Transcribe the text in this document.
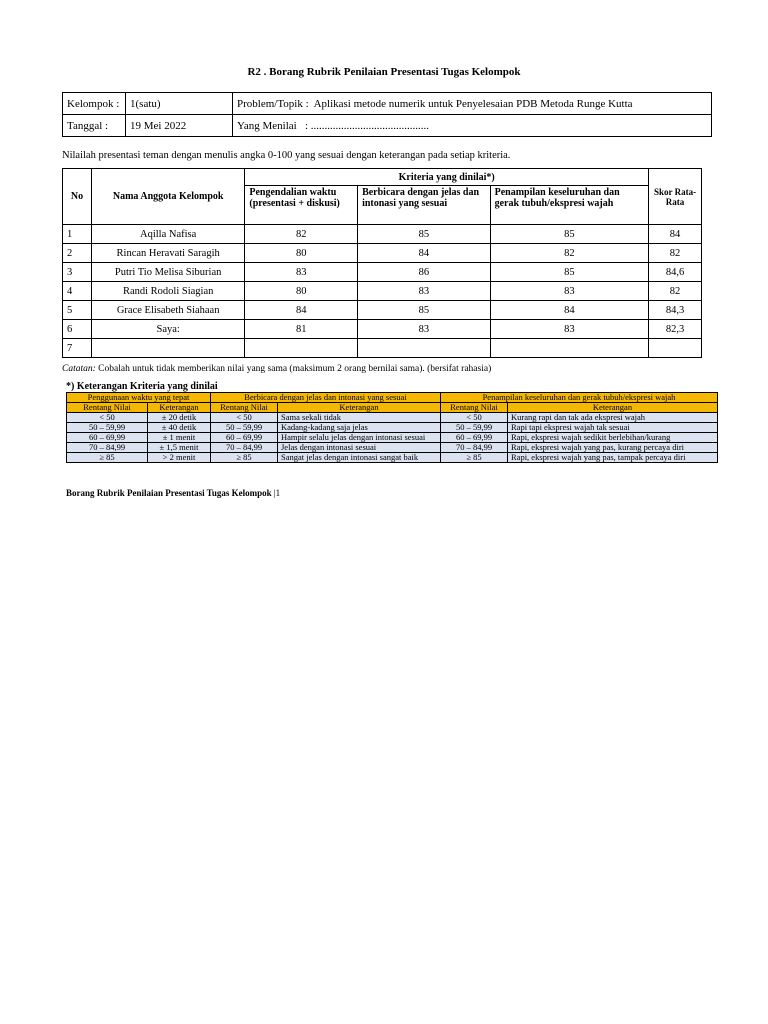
R2 . Borang Rubrik Penilaian Presentasi Tugas Kelompok
Kelompok :	1(satu)	Problem/Topik : Aplikasi metode numerik untuk Penyelesaian PDB Metoda Runge Kutta
Tanggal :	19 Mei 2022	Yang Menilai : ...........................................
Nilailah presentasi teman dengan menulis angka 0-100 yang sesuai dengan keterangan pada setiap kriteria.
No	Nama Anggota Kelompok	Kriteria yang dinilai*)			Skor Rata-Rata
		Pengendalian waktu (presentasi + diskusi)	Berbicara dengan jelas dan intonasi yang sesuai	Penampilan keseluruhan dan gerak tubuh/ekspresi wajah	
1	Aqilla Nafisa	82	85	85	84
2	Rincan Heravati Saragih	80	84	82	82
3	Putri Tio Melisa Siburian	83	86	85	84,6
4	Randi Rodoli Siagian	80	83	83	82
5	Grace Elisabeth Siahaan	84	85	84	84,3
6	Saya:	81	83	83	82,3
7					
Catatan: Cobalah untuk tidak memberikan nilai yang sama (maksimum 2 orang bernilai sama). (bersifat rahasia)
*) Keterangan Kriteria yang dinilai
Penggunaan waktu yang tepat		Berbicara dengan jelas dan intonasi yang sesuai		Penampilan keseluruhan dan gerak tubuh/ekspresi wajah	
Rentang Nilai	Keterangan	Rentang Nilai	Keterangan	Rentang Nilai	Keterangan
< 50	± 20 detik	< 50	Sama sekali tidak	< 50	Kurang rapi dan tak ada ekspresi wajah
50 – 59,99	± 40 detik	50 – 59,99	Kadang-kadang saja jelas	50 – 59,99	Rapi tapi ekspresi wajah tak sesuai
60 – 69,99	± 1 menit	60 – 69,99	Hampir selalu jelas dengan intonasi sesuai	60 – 69,99	Rapi, ekspresi wajah sedikit berlebihan/kurang
70 – 84,99	± 1,5 menit	70 – 84,99	Jelas dengan intonasi sesuai	70 – 84,99	Rapi, ekspresi wajah yang pas, kurang percaya diri
≥ 85	> 2 menit	≥ 85	Sangat jelas dengan intonasi sangat baik	≥ 85	Rapi, ekspresi wajah yang pas, tampak percaya diri
Borang Rubrik Penilaian Presentasi Tugas Kelompok |1
